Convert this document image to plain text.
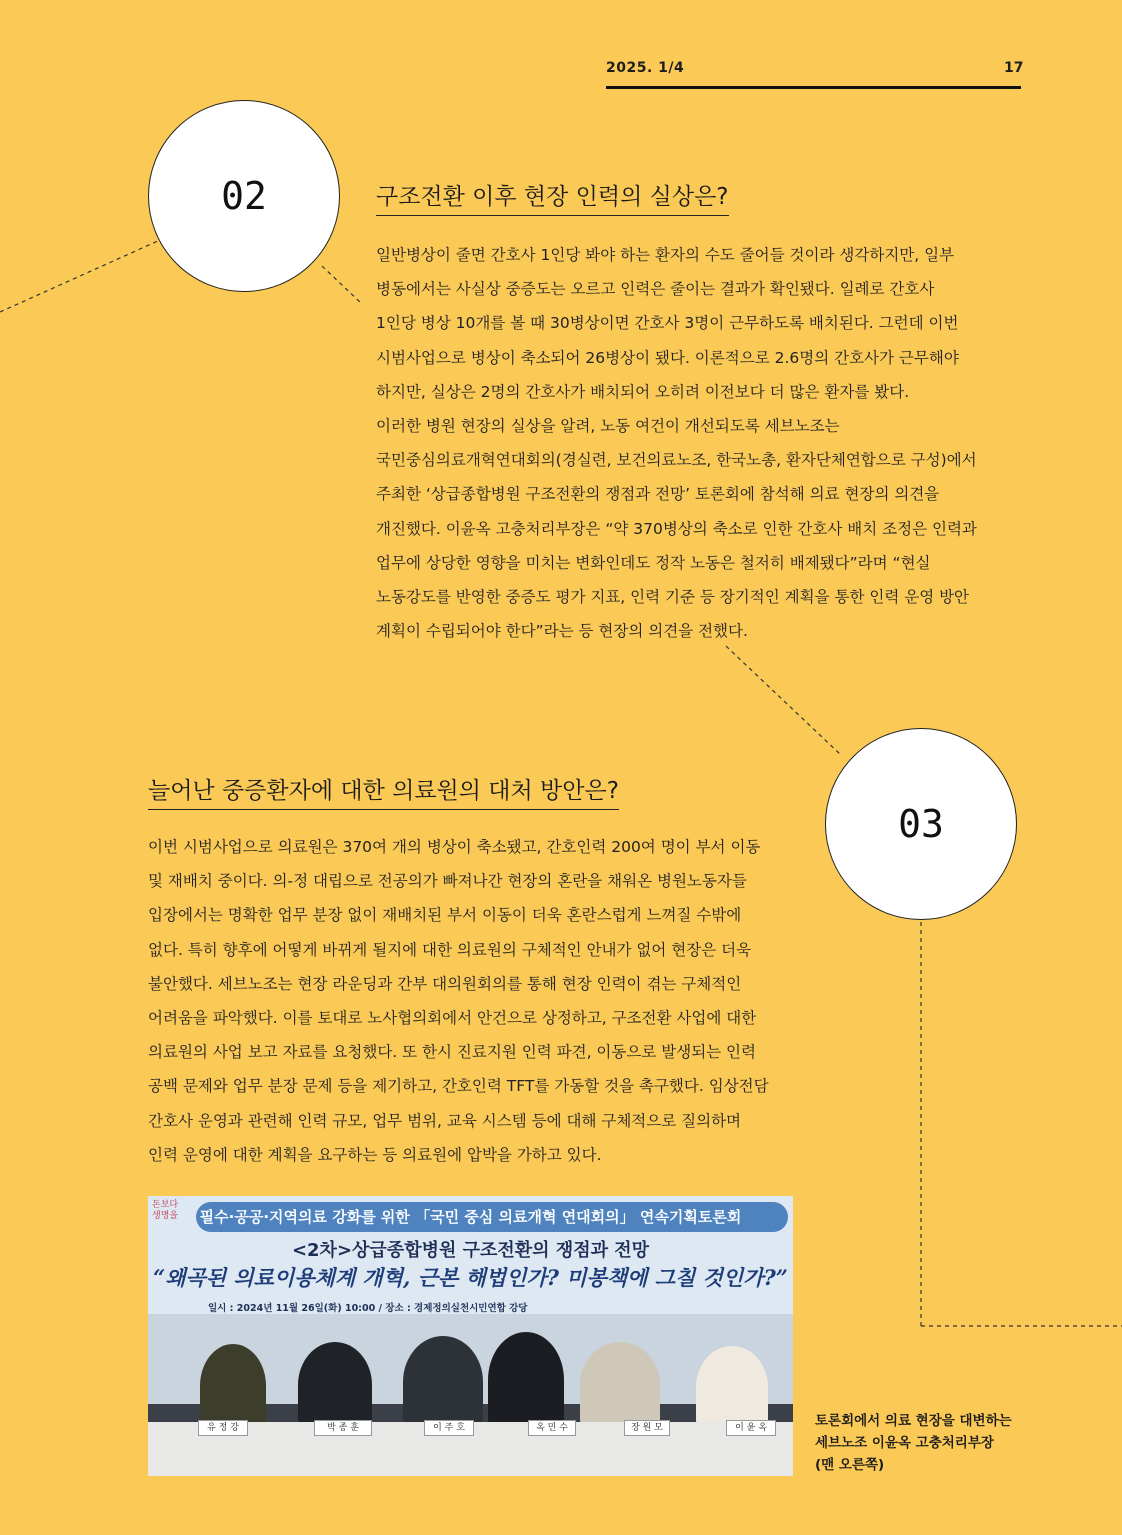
2025. 1/4	17
02	구조전환 이후 현장 인력의 실상은?

일반병상이 줄면 간호사 1인당 봐야 하는 환자의 수도 줄어들 것이라 생각하지만, 일부
병동에서는 사실상 중증도는 오르고 인력은 줄이는 결과가 확인됐다. 일례로 간호사
1인당 병상 10개를 볼 때 30병상이면 간호사 3명이 근무하도록 배치된다. 그런데 이번
시범사업으로 병상이 축소되어 26병상이 됐다. 이론적으로 2.6명의 간호사가 근무해야
하지만, 실상은 2명의 간호사가 배치되어 오히려 이전보다 더 많은 환자를 봤다.
이러한 병원 현장의 실상을 알려, 노동 여건이 개선되도록 세브노조는
국민중심의료개혁연대회의(경실련, 보건의료노조, 한국노총, 환자단체연합으로 구성)에서
주최한 ‘상급종합병원 구조전환의 쟁점과 전망’ 토론회에 참석해 의료 현장의 의견을
개진했다. 이윤옥 고충처리부장은 “약 370병상의 축소로 인한 간호사 배치 조정은 인력과
업무에 상당한 영향을 미치는 변화인데도 정작 노동은 철저히 배제됐다”라며 “현실
노동강도를 반영한 중증도 평가 지표, 인력 기준 등 장기적인 계획을 통한 인력 운영 방안
계획이 수립되어야 한다”라는 등 현장의 의견을 전했다.

03
늘어난 중증환자에 대한 의료원의 대처 방안은?

이번 시범사업으로 의료원은 370여 개의 병상이 축소됐고, 간호인력 200여 명이 부서 이동
및 재배치 중이다. 의-정 대립으로 전공의가 빠져나간 현장의 혼란을 채워온 병원노동자들
입장에서는 명확한 업무 분장 없이 재배치된 부서 이동이 더욱 혼란스럽게 느껴질 수밖에
없다. 특히 향후에 어떻게 바뀌게 될지에 대한 의료원의 구체적인 안내가 없어 현장은 더욱
불안했다. 세브노조는 현장 라운딩과 간부 대의원회의를 통해 현장 인력이 겪는 구체적인
어려움을 파악했다. 이를 토대로 노사협의회에서 안건으로 상정하고, 구조전환 사업에 대한
의료원의 사업 보고 자료를 요청했다. 또 한시 진료지원 인력 파견, 이동으로 발생되는 인력
공백 문제와 업무 분장 문제 등을 제기하고, 간호인력 TFT를 가동할 것을 촉구했다. 임상전담
간호사 운영과 관련해 인력 규모, 업무 범위, 교육 시스템 등에 대해 구체적으로 질의하며
인력 운영에 대한 계획을 요구하는 등 의료원에 압박을 가하고 있다.

돈보다 생명을	필수·공공·지역의료 강화를 위한 「국민 중심 의료개혁 연대회의」 연속기획토론회
<2차>상급종합병원 구조전환의 쟁점과 전망
“왜곡된 의료이용체계 개혁, 근본 해법인가? 미봉책에 그칠 것인가?”
일시 : 2024년 11월 26일(화) 10:00 / 장소 : 경제정의실천시민연합 강당
유 정 강	박 종 훈	이 주 호	옥 민 수	장 원 모	이 윤 옥	토론회에서 의료 현장을 대변하는
세브노조 이윤옥 고충처리부장
(맨 오른쪽)
